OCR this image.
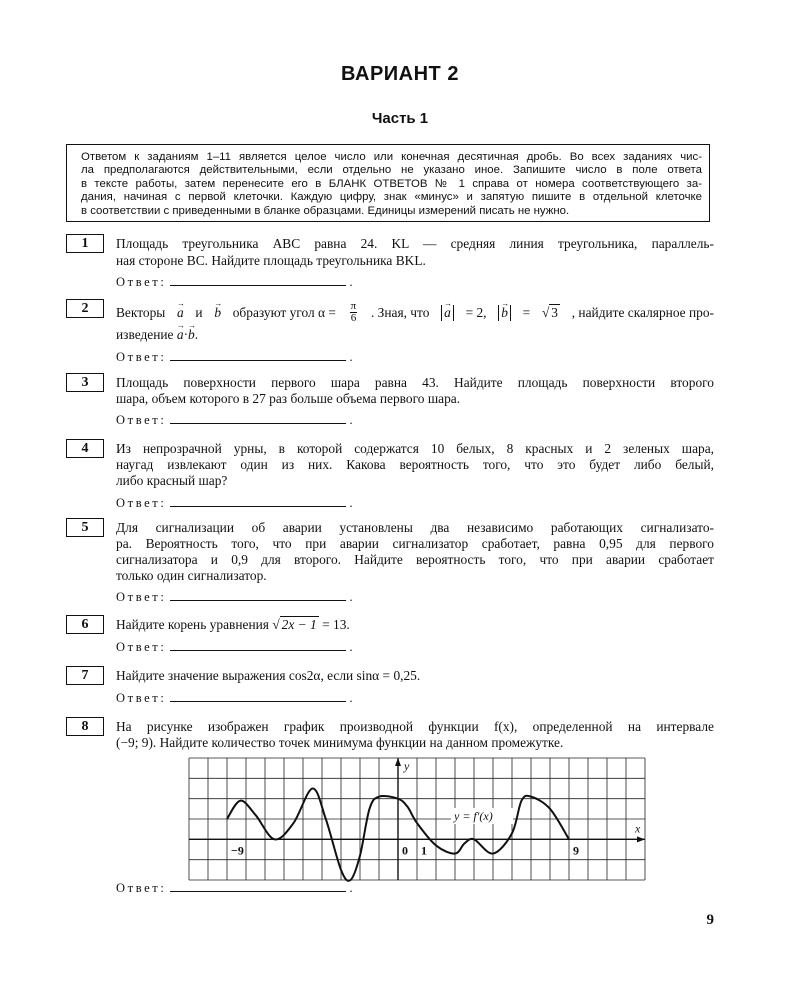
ВАРИАНТ 2
Часть 1
Ответом к заданиям 1–11 является целое число или конечная десятичная дробь. Во всех заданиях чис-
ла предполагаются действительными, если отдельно не указано иное. Запишите число в поле ответа
в тексте работы, затем перенесите его в БЛАНК ОТВЕТОВ № 1 справа от номера соответствующего за-
дания, начиная с первой клеточки. Каждую цифру, знак «минус» и запятую пишите в отдельной клеточке
в соответствии с приведенными в бланке образцами. Единицы измерений писать не нужно.
1	Площадь треугольника ABC равна 24. KL — средняя линия треугольника, параллель-
ная стороне BC. Найдите площадь треугольника BKL.
Ответ:	.
2	Векторы → a и → b образуют угол $\alpha = \frac{\pi}{6}$ . Зная, что → a = 2, → b = √ 3 , найдите скалярное про-
изведение → a·→ b.
Ответ:	.
3	Площадь поверхности первого шара равна 43. Найдите площадь поверхности второго
шара, объем которого в 27 раз больше объема первого шара.
Ответ:	.
4	Из непрозрачной урны, в которой содержатся 10 белых, 8 красных и 2 зеленых шара,
наугад извлекают один из них. Какова вероятность того, что это будет либо белый,
либо красный шар?
Ответ:	.
5	Для сигнализации об аварии установлены два независимо работающих сигнализато-
ра. Вероятность того, что при аварии сигнализатор сработает, равна 0,95 для первого
сигнализатора и 0,9 для второго. Найдите вероятность того, что при аварии сработает
только один сигнализатор.
Ответ:	.
6	Найдите корень уравнения √ 2x − 1 = 13.
Ответ:	.
7	Найдите значение выражения cos2α, если sinα = 0,25.
Ответ:	.
8	На рисунке изображен график производной функции f(x), определенной на интервале
(−9; 9). Найдите количество точек минимума функции на данном промежутке.
−9	0 1	9
x
y
y = f′(x)
Ответ:	.
9
